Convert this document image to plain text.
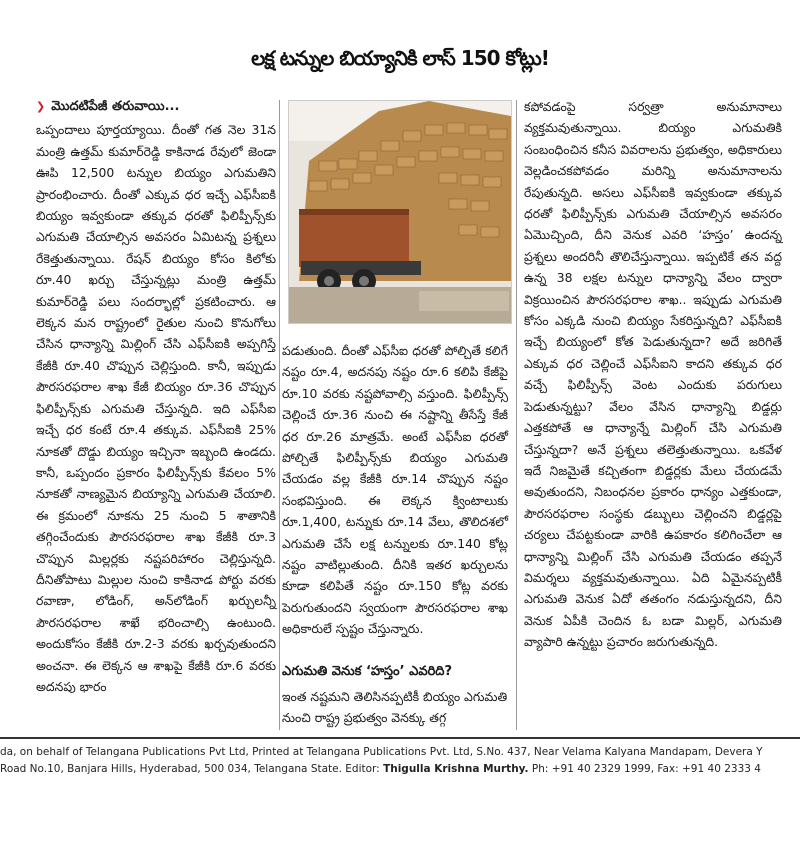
లక్ష టన్నుల బియ్యానికి లాస్‌ 150 కోట్లు!
❯ మొదటిపేజీ తరువాయి...

ఒప్పందాలు పూర్తయ్యాయి. దీంతో గత నెల 31న మంత్రి ఉత్తమ్‌ కుమార్‌రెడ్డి కాకినాడ రేవులో జెండా ఊపి 12,500 టన్నుల బియ్యం ఎగుమతిని ప్రారంభించారు. దీంతో ఎక్కువ ధర ఇచ్చే ఎఫ్‌సీఐకి బియ్యం ఇవ్వకుండా తక్కువ ధరతో ఫిలిప్పీన్స్‌కు ఎగుమతి చేయాల్సిన అవసరం ఏమిటన్న ప్రశ్నలు రేకెత్తుతున్నాయి. రేషన్‌ బియ్యం కోసం కిలోకు రూ.40 ఖర్చు చేస్తున్నట్లు మంత్రి ఉత్తమ్‌ కుమార్‌రెడ్డి పలు సందర్భాల్లో ప్రకటించారు. ఆ లెక్కన మన రాష్ట్రంలో రైతుల నుంచి కొనుగోలు చేసిన ధాన్యాన్ని మిల్లింగ్‌ చేసి ఎఫ్‌సీఐకి అప్పగిస్తే కేజీకి రూ.40 చొప్పున చెల్లిస్తుంది. కానీ, ఇప్పుడు పౌరసరఫరాల శాఖ కేజీ బియ్యం రూ.36 చొప్పున ఫిలిప్పీన్స్‌కు ఎగుమతి చేస్తున్నది. ఇది ఎఫ్‌సీఐ ఇచ్చే ధర కంటే రూ.4 తక్కువ. ఎఫ్‌సీఐకి 25% నూకతో దొడ్డు బియ్యం ఇచ్చినా ఇబ్బంది ఉండదు. కానీ, ఒప్పందం ప్రకారం ఫిలిప్పీన్స్‌కు కేవలం 5% నూకతో నాణ్యమైన బియ్యాన్ని ఎగుమతి చేయాలి. ఈ క్రమంలో నూకను 25 నుంచి 5 శాతానికి తగ్గించేందుకు పౌరసరఫరాల శాఖ కేజీకి రూ.3 చొప్పున మిల్లర్లకు నష్టపరిహారం చెల్లిస్తున్నది. దీనితోపాటు మిల్లుల నుంచి కాకినాడ పోర్టు వరకు రవాణా, లోడింగ్‌, అన్‌లోడింగ్‌ ఖర్చులన్నీ పౌరసరఫరాల శాఖే భరించాల్సి ఉంటుంది. అందుకోసం కేజీకి రూ.2-3 వరకు ఖర్చవుతుందని అంచనా. ఈ లెక్కన ఆ శాఖపై కేజీకి రూ.6 వరకు అదనపు భారం

పడుతుంది. దీంతో ఎఫ్‌సీఐ ధరతో పోల్చితే కలిగే నష్టం రూ.4, అదనపు నష్టం రూ.6 కలిపి కేజీపై రూ.10 వరకు నష్టపోవాల్సి వస్తుంది. ఫిలిప్పీన్స్‌ చెల్లించే రూ.36 నుంచి ఈ నష్టాన్ని తీసేస్తే కేజీ ధర రూ.26 మాత్రమే. అంటే ఎఫ్‌సీఐ ధరతో పోల్చితే ఫిలిప్పీన్స్‌కు బియ్యం ఎగుమతి చేయడం వల్ల కేజీకి రూ.14 చొప్పున నష్టం సంభవిస్తుంది. ఈ లెక్కన క్వింటాలుకు రూ.1,400, టన్నుకు రూ.14 వేలు, తొలిదశలో ఎగుమతి చేసే లక్ష టన్నులకు రూ.140 కోట్ల నష్టం వాటిల్లుతుంది. దీనికి ఇతర ఖర్చులను కూడా కలిపితే నష్టం రూ.150 కోట్ల వరకు పెరుగుతుందని స్వయంగా పౌరసరఫరాల శాఖ అధికారులే స్పష్టం చేస్తున్నారు.

ఎగుమతి వెనుక ‘హస్తం’ ఎవరిది?

ఇంత నష్టమని తెలిసినప్పటికీ బియ్యం ఎగుమతి నుంచి రాష్ట్ర ప్రభుత్వం వెనక్కు తగ్గ

కపోవడంపై సర్వత్రా అనుమానాలు వ్యక్తమవుతున్నాయి. బియ్యం ఎగుమతికి సంబంధించిన కనీస వివరాలను ప్రభుత్వం, అధికారులు వెల్లడించకపోవడం మరిన్ని అనుమానాలను రేపుతున్నది. అసలు ఎఫ్‌సీఐకి ఇవ్వకుండా తక్కువ ధరతో ఫిలిప్పీన్స్‌కు ఎగుమతి చేయాల్సిన అవసరం ఏమొచ్చింది, దీని వెనుక ఎవరి ‘హస్తం’ ఉందన్న ప్రశ్నలు అందరినీ తొలిచేస్తున్నాయి. ఇప్పటికే తన వద్ద ఉన్న 38 లక్షల టన్నుల ధాన్యాన్ని వేలం ద్వారా విక్రయించిన పౌరసరఫరాల శాఖ.. ఇప్పుడు ఎగుమతి కోసం ఎక్కడి నుంచి బియ్యం సేకరిస్తున్నది? ఎఫ్‌సీఐకి ఇచ్చే బియ్యంలో కోత పెడుతున్నదా? అదే జరిగితే ఎక్కువ ధర చెల్లించే ఎఫ్‌సీఐని కాదని తక్కువ ధర వచ్చే ఫిలిప్పీన్స్‌ వెంట ఎందుకు పరుగులు పెడుతున్నట్టు? వేలం వేసిన ధాన్యాన్ని బిడ్డర్లు ఎత్తకపోతే ఆ ధాన్యాన్నే మిల్లింగ్‌ చేసి ఎగుమతి చేస్తున్నదా? అనే ప్రశ్నలు తలెత్తుతున్నాయి. ఒకవేళ ఇదే నిజమైతే కచ్చితంగా బిడ్డర్లకు మేలు చేయడమే అవుతుందని, నిబంధనల ప్రకారం ధాన్యం ఎత్తకుండా, పౌరసరఫరాల సంస్థకు డబ్బులు చెల్లించని బిడ్డర్లపై చర్యలు చేపట్టకుండా వారికి ఉపకారం కలిగించేలా ఆ ధాన్యాన్ని మిల్లింగ్‌ చేసి ఎగుమతి చేయడం తప్పనే విమర్శలు వ్యక్తమవుతున్నాయి. ఏది ఏమైనప్పటికీ ఎగుమతి వెనుక ఏదో తతంగం నడుస్తున్నదని, దీని వెనుక ఏపీకి చెందిన ఓ బడా మిల్లర్‌, ఎగుమతి వ్యాపారి ఉన్నట్టు ప్రచారం జరుగుతున్నది.

da, on behalf of Telangana Publications Pvt Ltd, Printed at Telangana Publications Pvt. Ltd, S.No. 437, Near Velama Kalyana Mandapam, Devera Y
Road No.10, Banjara Hills, Hyderabad, 500 034, Telangana State. Editor: Thigulla Krishna Murthy. Ph: +91 40 2329 1999, Fax: +91 40 2333 4
